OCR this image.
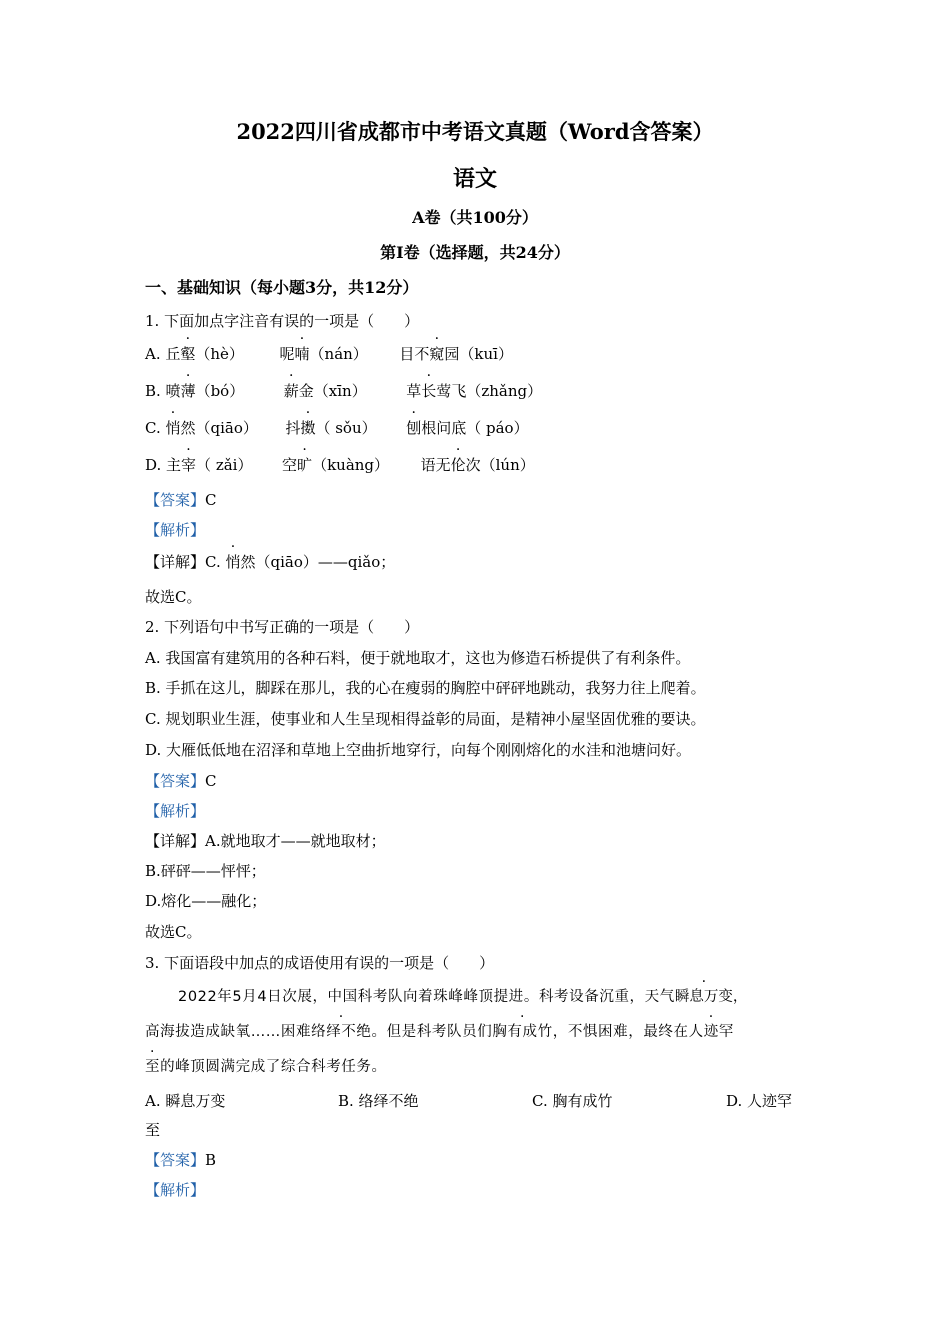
2022四川省成都市中考语文真题（Word含答案）
语文
A卷（共100分）
第Ⅰ卷（选择题，共24分）
一、基础知识（每小题3分，共12分）
1. 下面加点字注音有误的一项是（　　）
A. 丘壑（hè） 呢喃（nán） 目不窥园（kuī）
B. 喷薄（bó）	薪金（xīn）	草长莺飞（zhǎng）
C. 悄然（qiāo） 抖擞（ sǒu） 刨根问底（ páo）
D. 主宰（ zǎi） 空旷（kuàng） 语无伦次（lún）
【答案】C
【解析】
【详解】C. 悄然（qiāo）——qiǎo；
故选C。
2. 下列语句中书写正确的一项是（　　）
A. 我国富有建筑用的各种石料，便于就地取才，这也为修造石桥提供了有利条件。
B. 手抓在这儿，脚踩在那儿，我的心在瘦弱的胸腔中砰砰地跳动，我努力往上爬着。
C. 规划职业生涯，使事业和人生呈现相得益彰的局面，是精神小屋坚固优雅的要诀。
D. 大雁低低地在沼泽和草地上空曲折地穿行，向每个刚刚熔化的水洼和池塘问好。
【答案】C
【解析】
【详解】A.就地取才——就地取材；
B.砰砰——怦怦；
D.熔化——融化；
故选C。
3. 下面语段中加点的成语使用有误的一项是（　　）
2022年5月4日次展，中国科考队向着珠峰峰顶提进。科考设备沉重，天气瞬息万变，
高海拔造成缺氧……困难络绎不绝。但是科考队员们胸有成竹，不惧困难，最终在人迹罕
至的峰顶圆满完成了综合科考任务。
A. 瞬息万变	B. 络绎不绝	C. 胸有成竹	D. 人迹罕
至
【答案】B
【解析】
